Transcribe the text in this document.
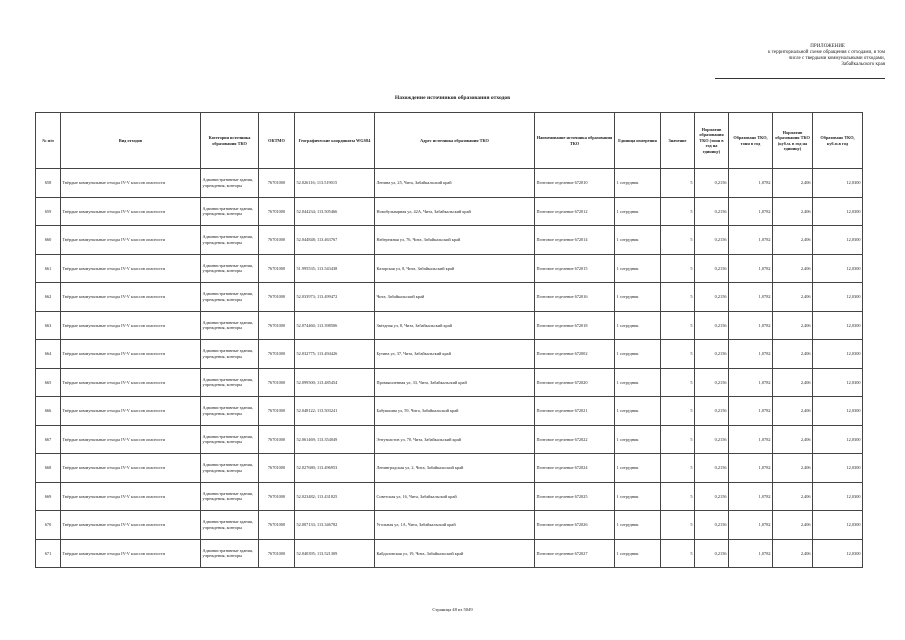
ПРИЛОЖЕНИЕ
к территориальной схеме обращения с отходами, в том
числе с твердыми коммунальными отходами,
Забайкальского края
Нахождение источников образования отходов
№ п/п	Вид отходов	Категория источника образования ТКО	ОКТМО	Географические координаты WGS84	Адрес источника образования ТКО	Наименование источника образования ТКО	Единица измерения	Значение	Норматив образования ТКО (тонн в год на единицу)	Образовано ТКО, тонн в год	Норматив образования ТКО (куб.м. в год на единицу)	Образовано ТКО, куб.м.в год
658	Твёрдые коммунальные отходы IV-V классов опасности	Административные здания, учреждения, конторы	76701000	52.026116; 113.519015	Ленина ул, 25, Чита, Забайкальский край	Почтовое отделение 672010	1 сотрудник	5	0,2156	1,0782	2,406	12,0300
659	Твёрдые коммунальные отходы IV-V классов опасности	Административные здания, учреждения, конторы	76701000	52.044234; 113.505466	Новобульварная ул, 42А, Чита, Забайкальский край	Почтовое отделение 672012	1 сотрудник	5	0,2156	1,0782	2,406	12,0300
660	Твёрдые коммунальные отходы IV-V классов опасности	Административные здания, учреждения, конторы	76701000	52.044848; 113.463767	Набережная ул, 76, Чита, Забайкальский край	Почтовое отделение 672014	1 сотрудник	5	0,2156	1,0782	2,406	12,0300
661	Твёрдые коммунальные отходы IV-V классов опасности	Административные здания, учреждения, конторы	76701000	51.995535; 113.543438	Казарская ул, 8, Чита, Забайкальский край	Почтовое отделение 672015	1 сотрудник	5	0,2156	1,0782	2,406	12,0300
662	Твёрдые коммунальные отходы IV-V классов опасности	Административные здания, учреждения, конторы	76701000	52.033973; 113.499472	Чита, Забайкальский край	Почтовое отделение 672016	1 сотрудник	5	0,2156	1,0782	2,406	12,0300
663	Твёрдые коммунальные отходы IV-V классов опасности	Административные здания, учреждения, конторы	76701000	52.074460; 113.398506	Звёздная ул, 8, Чита, Забайкальский край	Почтовое отделение 672018	1 сотрудник	5	0,2156	1,0782	2,406	12,0300
664	Твёрдые коммунальные отходы IV-V классов опасности	Административные здания, учреждения, конторы	76701000	52.032775; 113.494426	Бутина ул, 37, Чита, Забайкальский край	Почтовое отделение 672002	1 сотрудник	5	0,2156	1,0782	2,406	12,0300
665	Твёрдые коммунальные отходы IV-V классов опасности	Административные здания, учреждения, конторы	76701000	52.099500; 113.485454	Промышленная ул, 33, Чита, Забайкальский край	Почтовое отделение 672020	1 сотрудник	5	0,2156	1,0782	2,406	12,0300
666	Твёрдые коммунальные отходы IV-V классов опасности	Административные здания, учреждения, конторы	76701000	52.048122; 113.503241	Бабушкина ул, 59, Чита, Забайкальский край	Почтовое отделение 672021	1 сотрудник	5	0,2156	1,0782	2,406	12,0300
667	Твёрдые коммунальные отходы IV-V классов опасности	Административные здания, учреждения, конторы	76701000	52.061469; 113.354049	Энтузиастов ул, 70, Чита, Забайкальский край	Почтовое отделение 672022	1 сотрудник	5	0,2156	1,0782	2,406	12,0300
668	Твёрдые коммунальные отходы IV-V классов опасности	Административные здания, учреждения, конторы	76701000	52.027680; 113.496953	Ленинградская ул, 2, Чита, Забайкальский край	Почтовое отделение 672024	1 сотрудник	5	0,2156	1,0782	2,406	12,0300
669	Твёрдые коммунальные отходы IV-V классов опасности	Административные здания, учреждения, конторы	76701000	52.023482; 113.431825	Советская ул, 16, Чита, Забайкальский край	Почтовое отделение 672025	1 сотрудник	5	0,2156	1,0782	2,406	12,0300
670	Твёрдые коммунальные отходы IV-V классов опасности	Административные здания, учреждения, конторы	76701000	52.007133; 113.346782	Угольная ул, 1А, Чита, Забайкальский край	Почтовое отделение 672026	1 сотрудник	5	0,2156	1,0782	2,406	12,0300
671	Твёрдые коммунальные отходы IV-V классов опасности	Административные здания, учреждения, конторы	76701000	52.040395; 113.521309	Кайдаловская ул, 19, Чита, Забайкальский край	Почтовое отделение 672027	1 сотрудник	5	0,2156	1,0782	2,406	12,0300
Страница 48 из 5049
